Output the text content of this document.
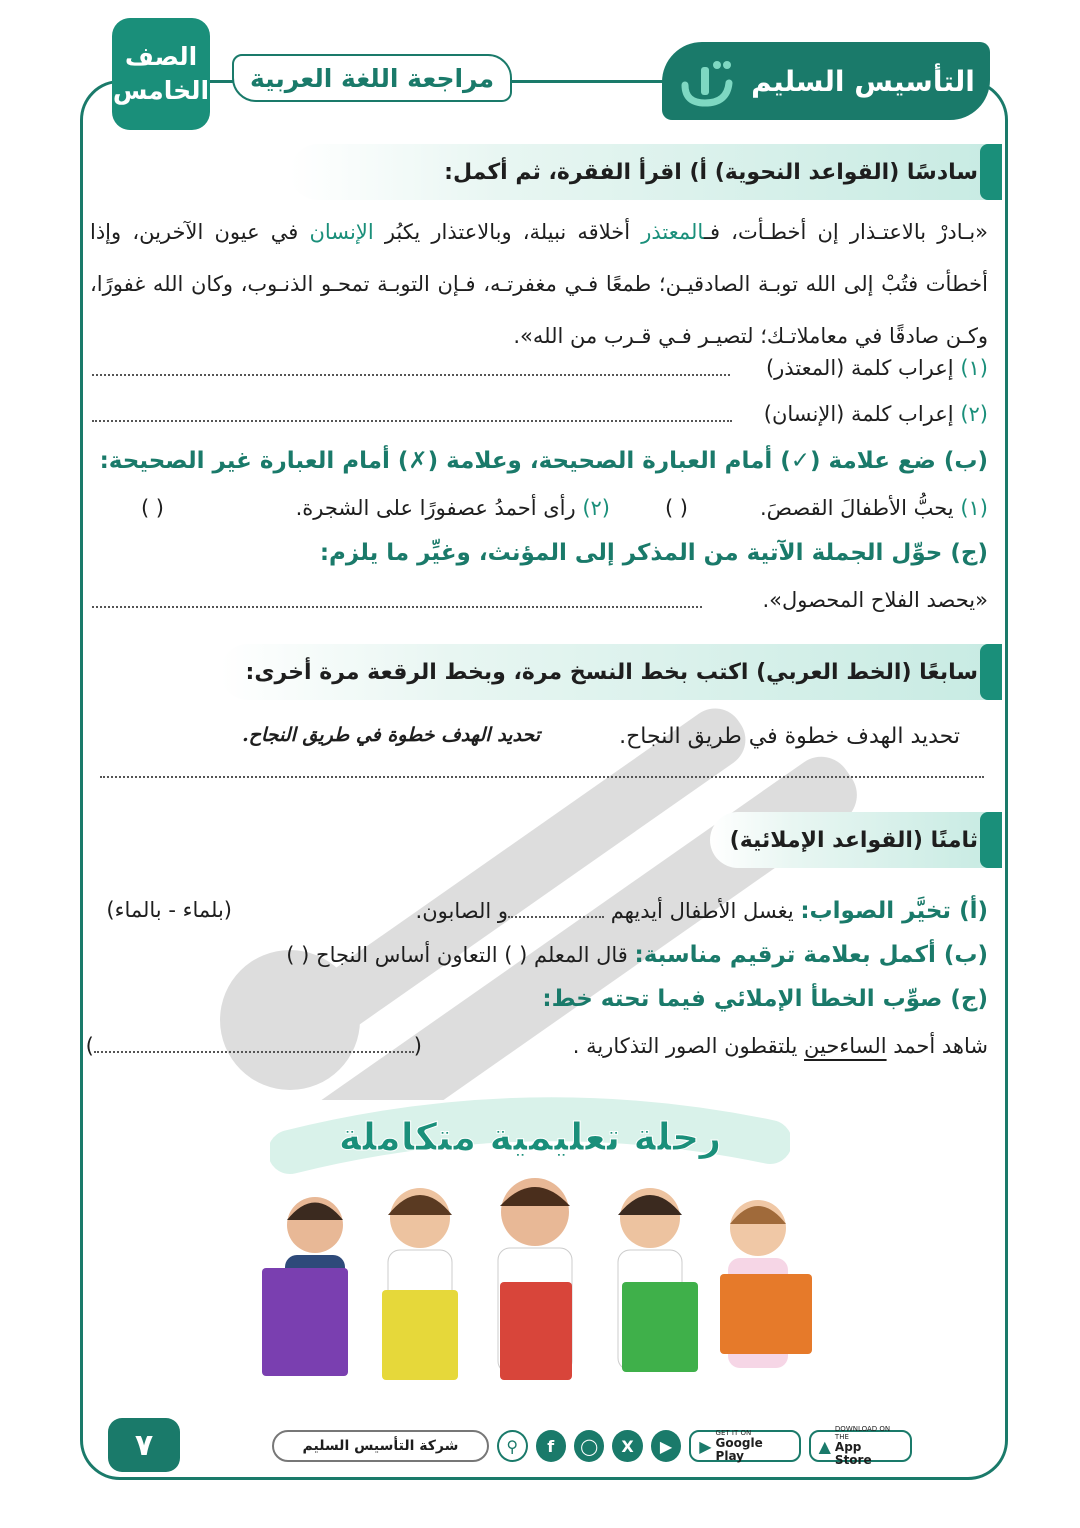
الصف
الخامس	مراجعة اللغة العربية	التأسيس السليم
سادسًا (القواعد النحوية) أ) اقرأ الفقرة، ثم أكمل:
«بـادرْ بالاعتـذار إن أخطـأت، فـالمعتذر أخلاقه نبيلة، وبالاعتذار يكبُر الإنسان في عيون الآخرين، وإذا أخطأت فتُبْ إلى الله توبـة الصادقيـن؛ طمعًا فـي مغفرتـه، فـإن التوبـة تمحـو الذنـوب، وكان الله غفورًا، وكـن صادقًا في معاملاتـك؛ لتصيـر فـي قـرب من الله».
(١) إعراب كلمة (المعتذر)
(٢) إعراب كلمة (الإنسان)
(ب) ضع علامة (✓) أمام العبارة الصحيحة، وعلامة (✗) أمام العبارة غير الصحيحة:
(١) يحبُّ الأطفالَ القصصَ.
( )
(٢) رأى أحمدُ عصفورًا على الشجرة.
( )
(ج) حوِّل الجملة الآتية من المذكر إلى المؤنث، وغيِّر ما يلزم:
«يحصد الفلاح المحصول».
سابعًا (الخط العربي) اكتب بخط النسخ مرة، وبخط الرقعة مرة أخرى:
تحديد الهدف خطوة في طريق النجاح.
تحديد الهدف خطوة في طريق النجاح.
ثامنًا (القواعد الإملائية)
(أ) تخيَّر الصواب: يغسل الأطفال أيديهم و الصابون.
(بلماء - بالماء)
(ب) أكمل بعلامة ترقيم مناسبة: قال المعلم ( ) التعاون أساس النجاح ( )
(ج) صوِّب الخطأ الإملائي فيما تحته خط:
شاهد أحمد الساءحين يلتقطون الصور التذكارية .
()
رحلة تعليمية متكاملة
٧	شركة التأسيس السليم	⚲	f	◯	X	▶	▶
GET IT ON
Google Play
▲
DOWNLOAD ON THE
App Store
